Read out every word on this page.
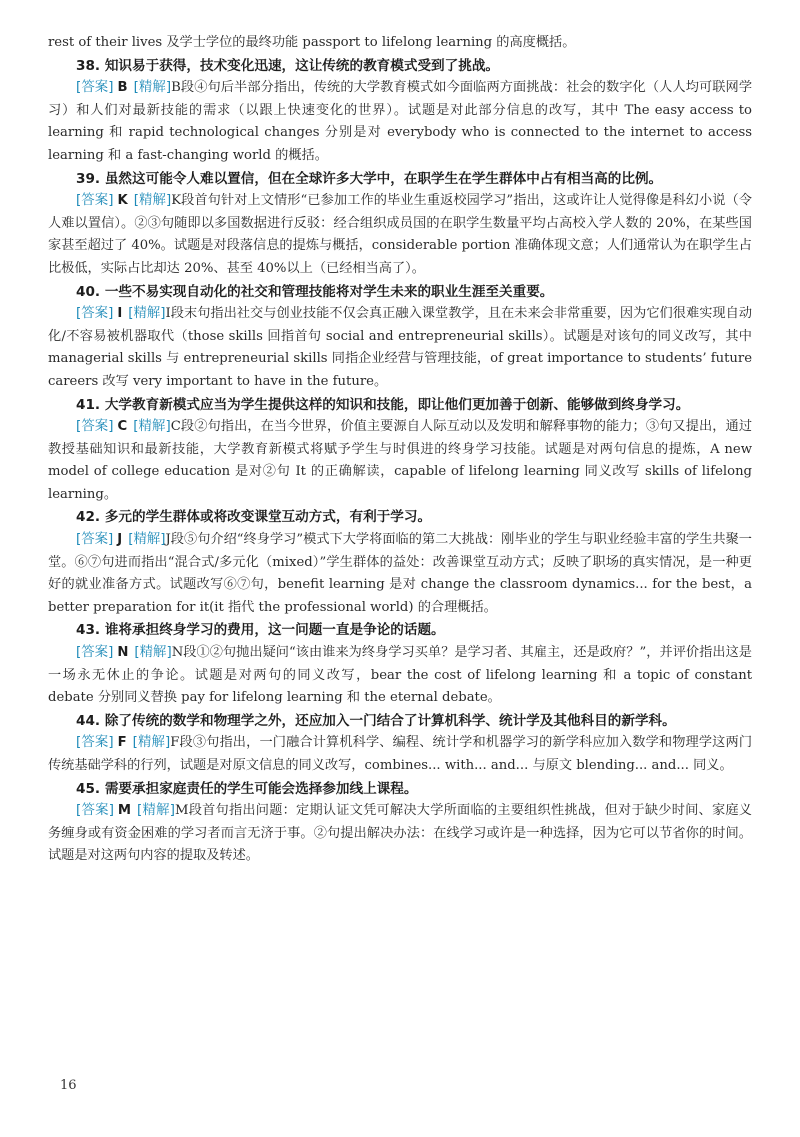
rest of their lives 及学士学位的最终功能 passport to lifelong learning 的高度概括。

38. 知识易于获得，技术变化迅速，这让传统的教育模式受到了挑战。

[答案] B [精解]B段④句后半部分指出，传统的大学教育模式如今面临两方面挑战：社会的数字化（人人均可联网学习）和人们对最新技能的需求（以跟上快速变化的世界）。试题是对此部分信息的改写，其中 The easy access to learning 和 rapid technological changes 分别是对 everybody who is connected to the internet to access learning 和 a fast-changing world 的概括。

39. 虽然这可能令人难以置信，但在全球许多大学中，在职学生在学生群体中占有相当高的比例。

[答案] K [精解]K段首句针对上文情形“已参加工作的毕业生重返校园学习”指出，这或许让人觉得像是科幻小说（令人难以置信）。②③句随即以多国数据进行反驳：经合组织成员国的在职学生数量平均占高校入学人数的 20%，在某些国家甚至超过了 40%。试题是对段落信息的提炼与概括，considerable portion 准确体现文意；人们通常认为在职学生占比极低，实际占比却达 20%、甚至 40%以上（已经相当高了）。

40. 一些不易实现自动化的社交和管理技能将对学生未来的职业生涯至关重要。

[答案] I [精解]I段末句指出社交与创业技能不仅会真正融入课堂教学，且在未来会非常重要，因为它们很难实现自动化/不容易被机器取代（those skills 回指首句 social and entrepreneurial skills）。试题是对该句的同义改写，其中 managerial skills 与 entrepreneurial skills 同指企业经营与管理技能，of great importance to students’ future careers 改写 very important to have in the future。

41. 大学教育新模式应当为学生提供这样的知识和技能，即让他们更加善于创新、能够做到终身学习。

[答案] C [精解]C段②句指出，在当今世界，价值主要源自人际互动以及发明和解释事物的能力；③句又提出，通过教授基础知识和最新技能，大学教育新模式将赋予学生与时俱进的终身学习技能。试题是对两句信息的提炼，A new model of college education 是对②句 It 的正确解读，capable of lifelong learning 同义改写 skills of lifelong learning。

42. 多元的学生群体或将改变课堂互动方式，有利于学习。

[答案] J [精解]J段⑤句介绍“终身学习”模式下大学将面临的第二大挑战：刚毕业的学生与职业经验丰富的学生共聚一堂。⑥⑦句进而指出“混合式/多元化（mixed）”学生群体的益处：改善课堂互动方式；反映了职场的真实情况，是一种更好的就业准备方式。试题改写⑥⑦句，benefit learning 是对 change the classroom dynamics... for the best，a better preparation for it(it 指代 the professional world) 的合理概括。

43. 谁将承担终身学习的费用，这一问题一直是争论的话题。

[答案] N [精解]N段①②句抛出疑问“该由谁来为终身学习买单？是学习者、其雇主，还是政府？”，并评价指出这是一场永无休止的争论。试题是对两句的同义改写，bear the cost of lifelong learning 和 a topic of constant debate 分别同义替换 pay for lifelong learning 和 the eternal debate。

44. 除了传统的数学和物理学之外，还应加入一门结合了计算机科学、统计学及其他科目的新学科。

[答案] F [精解]F段③句指出，一门融合计算机科学、编程、统计学和机器学习的新学科应加入数学和物理学这两门传统基础学科的行列，试题是对原文信息的同义改写，combines... with... and... 与原文 blending... and... 同义。

45. 需要承担家庭责任的学生可能会选择参加线上课程。

[答案] M [精解]M段首句指出问题：定期认证文凭可解决大学所面临的主要组织性挑战，但对于缺少时间、家庭义务缠身或有资金困难的学习者而言无济于事。②句提出解决办法：在线学习或许是一种选择，因为它可以节省你的时间。试题是对这两句内容的提取及转述。

16
